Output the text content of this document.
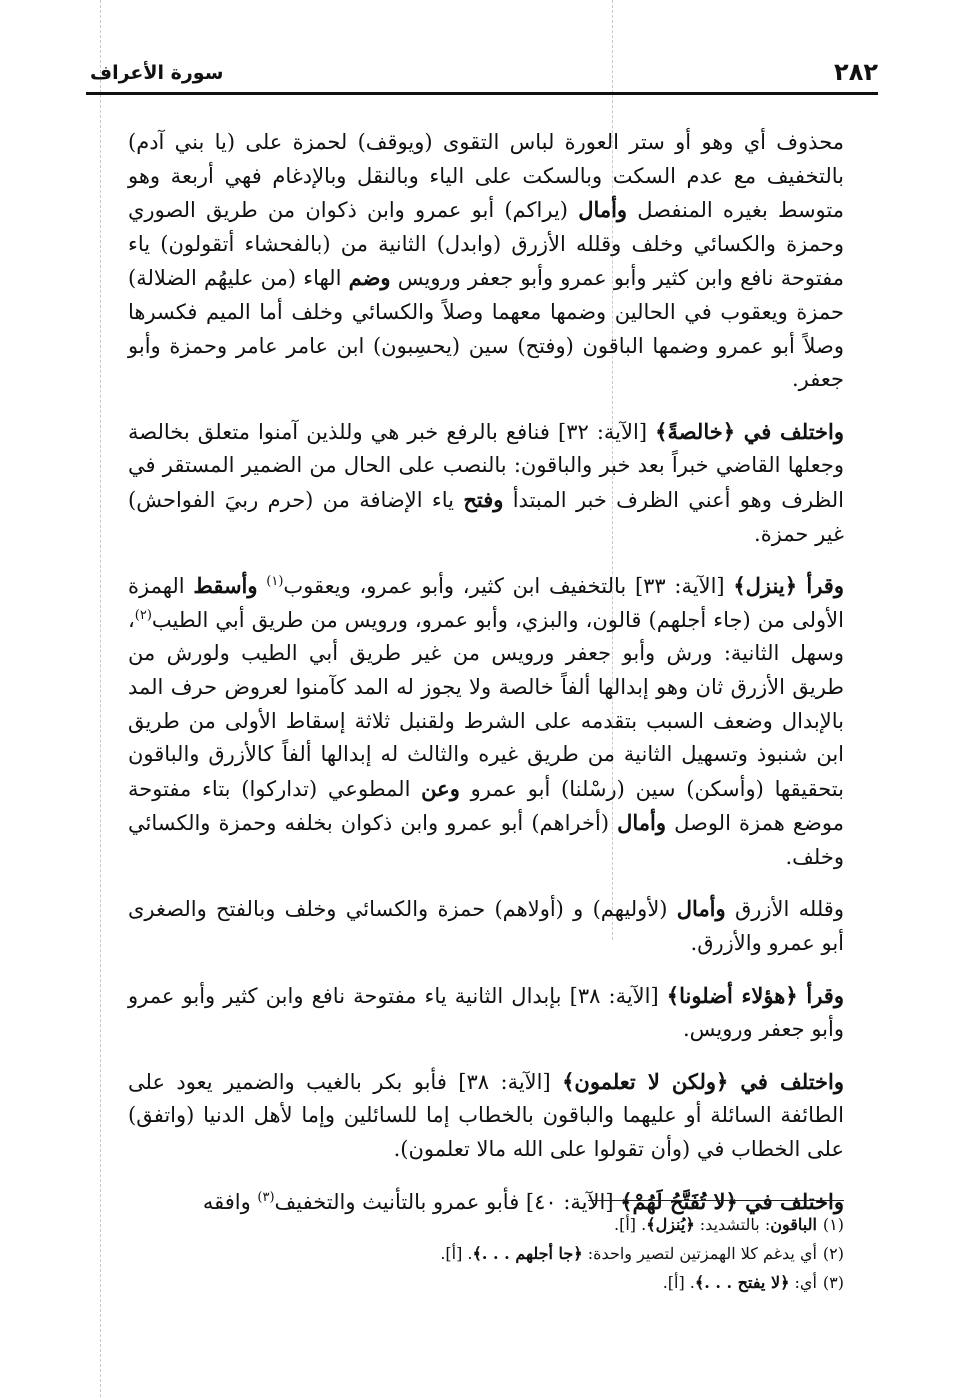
٢٨٢
سورة الأعراف

محذوف أي وهو أو ستر العورة لباس التقوى (ويوقف) لحمزة على (يا بني آدم) بالتخفيف مع عدم السكت وبالسكت على الياء وبالنقل وبالإدغام فهي أربعة وهو متوسط بغيره المنفصل وأمال (يراكم) أبو عمرو وابن ذكوان من طريق الصوري وحمزة والكسائي وخلف وقلله الأزرق (وابدل) الثانية من (بالفحشاء أتقولون) ياء مفتوحة نافع وابن كثير وأبو عمرو وأبو جعفر ورويس وضم الهاء (من عليهُم الضلالة) حمزة ويعقوب في الحالين وضمها معهما وصلاً والكسائي وخلف أما الميم فكسرها وصلاً أبو عمرو وضمها الباقون (وفتح) سين (يحسِبون) ابن عامر عامر وحمزة وأبو جعفر.

واختلف في ﴿خالصةً﴾ [الآية: ٣٢] فنافع بالرفع خبر هي وللذين آمنوا متعلق بخالصة وجعلها القاضي خبراً بعد خبر والباقون: بالنصب على الحال من الضمير المستقر في الظرف وهو أعني الظرف خبر المبتدأ وفتح ياء الإضافة من (حرم ربيَ الفواحش) غير حمزة.

وقرأ ﴿ينزل﴾ [الآية: ٣٣] بالتخفيف ابن كثير، وأبو عمرو، ويعقوب$^{(١)}$ وأسقط الهمزة الأولى من (جاء أجلهم) قالون، والبزي، وأبو عمرو، ورويس من طريق أبي الطيب$^{(٢)}$، وسهل الثانية: ورش وأبو جعفر ورويس من غير طريق أبي الطيب ولورش من طريق الأزرق ثان وهو إبدالها ألفاً خالصة ولا يجوز له المد كآمنوا لعروض حرف المد بالإبدال وضعف السبب بتقدمه على الشرط ولقنبل ثلاثة إسقاط الأولى من طريق ابن شنبوذ وتسهيل الثانية من طريق غيره والثالث له إبدالها ألفاً كالأزرق والباقون بتحقيقها (وأسكن) سين (رسْلنا) أبو عمرو وعن المطوعي (تداركوا) بتاء مفتوحة موضع همزة الوصل وأمال (أخراهم) أبو عمرو وابن ذكوان بخلفه وحمزة والكسائي وخلف.

وقلله الأزرق وأمال (لأوليهم) و (أولاهم) حمزة والكسائي وخلف وبالفتح والصغرى أبو عمرو والأزرق.

وقرأ ﴿هؤلاء أضلونا﴾ [الآية: ٣٨] بإبدال الثانية ياء مفتوحة نافع وابن كثير وأبو عمرو وأبو جعفر ورويس.

واختلف في ﴿ولكن لا تعلمون﴾ [الآية: ٣٨] فأبو بكر بالغيب والضمير يعود على الطائفة السائلة أو عليهما والباقون بالخطاب إما للسائلين وإما لأهل الدنيا (واتفق) على الخطاب في (وأن تقولوا على الله مالا تعلمون).

واختلف في ﴿لا تُفَتَّحُ لَهُمْ﴾ [الآية: ٤٠] فأبو عمرو بالتأنيث والتخفيف$^{(٣)}$ وافقه

(١)الباقون: بالتشديد: ﴿يُنزل﴾. [أ].
(٢)أي يدغم كلا الهمزتين لتصير واحدة: ﴿جا أجلهم . . .﴾. [أ].
(٣)أي: ﴿لا يفتح . . .﴾. [أ].
